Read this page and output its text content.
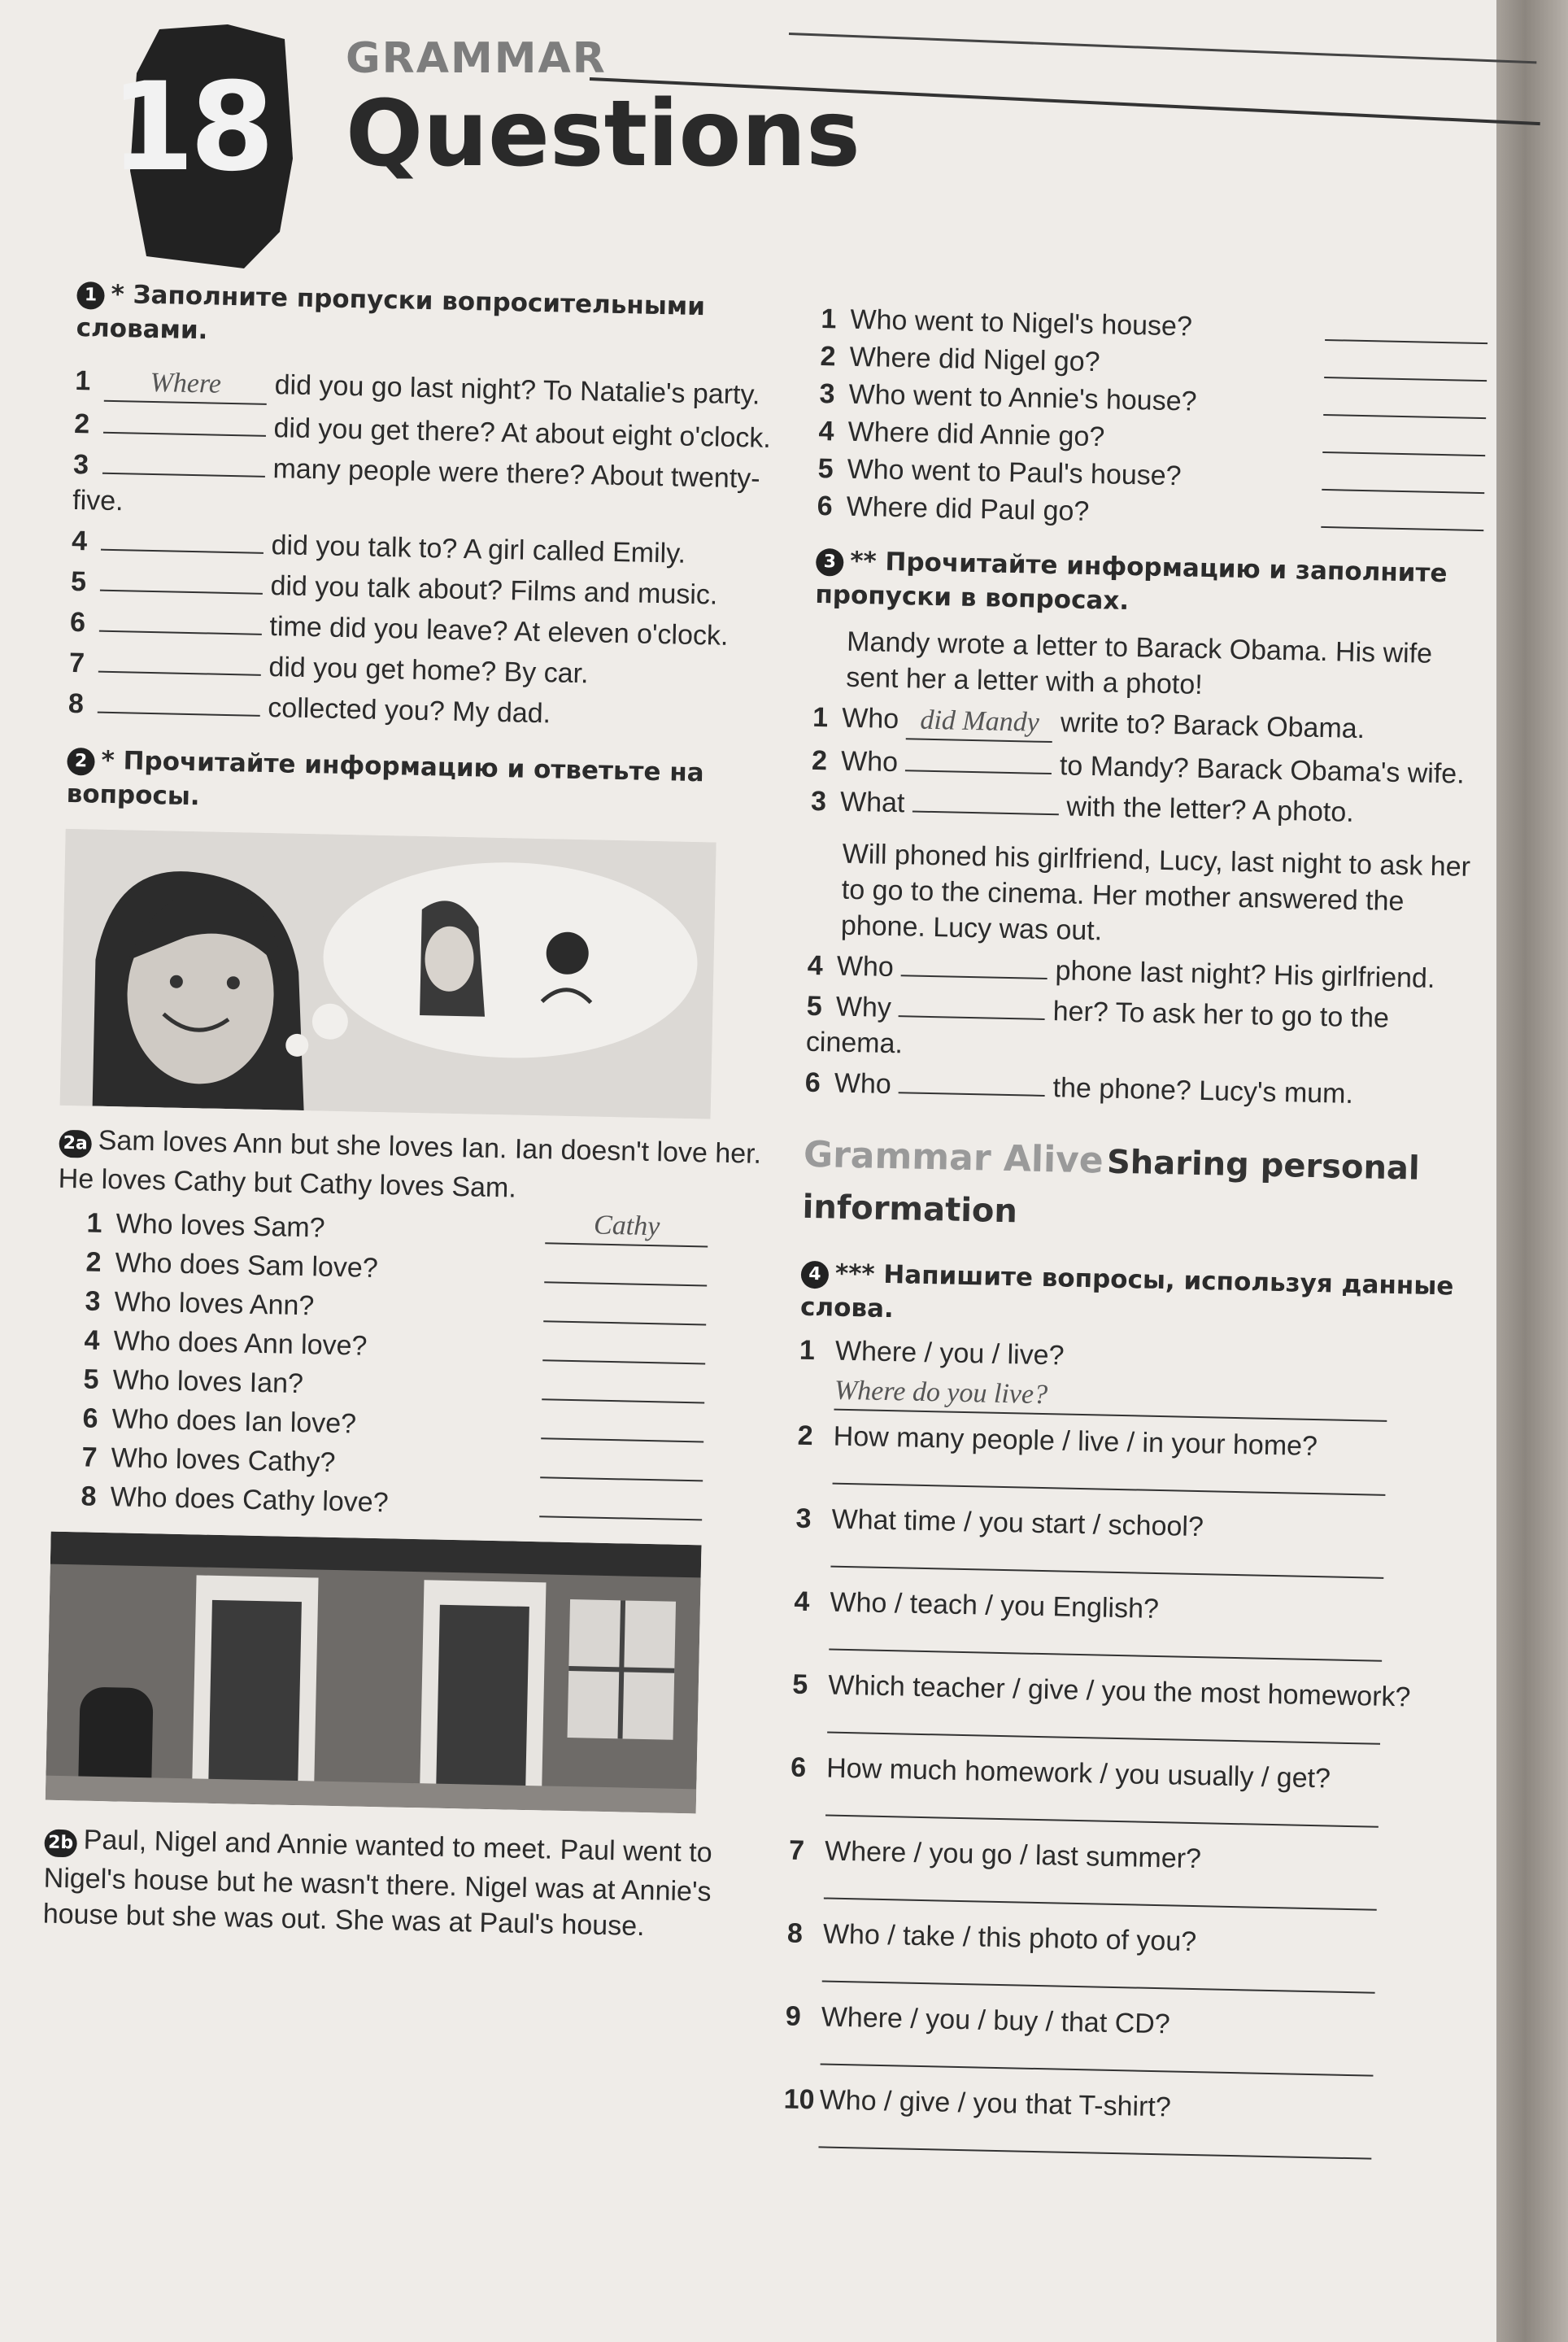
18 GRAMMAR
Questions
1 * Заполните пропуски вопросительными словами.
1 Where did you go last night? To Natalie's party.
2	did you get there? At about eight o'clock.
3	many people were there? About twenty-five.
4	did you talk to? A girl called Emily.
5	did you talk about? Films and music.
6	time did you leave? At eleven o'clock.
7	did you get home? By car.
8	collected you? My dad.
2 * Прочитайте информацию и ответьте на вопросы.
2a Sam loves Ann but she loves Ian. Ian doesn't love her. He loves Cathy but Cathy loves Sam.
1 Who loves Sam?	Cathy
2 Who does Sam love?
3 Who loves Ann?
4 Who does Ann love?
5 Who loves Ian?
6 Who does Ian love?
7 Who loves Cathy?
8 Who does Cathy love?
2b Paul, Nigel and Annie wanted to meet. Paul went to Nigel's house but he wasn't there. Nigel was at Annie's house but she was out. She was at Paul's house.
1 Who went to Nigel's house?
2 Where did Nigel go?
3 Who went to Annie's house?
4 Where did Annie go?
5 Who went to Paul's house?
6 Where did Paul go?
3 ** Прочитайте информацию и заполните пропуски в вопросах.
Mandy wrote a letter to Barack Obama. His wife sent her a letter with a photo!
1 Who did Mandy write to? Barack Obama.
2 Who	to Mandy? Barack Obama's wife.
3 What	with the letter? A photo.
Will phoned his girlfriend, Lucy, last night to ask her to go to the cinema. Her mother answered the phone. Lucy was out.
4 Who	phone last night? His girlfriend.
5 Why	her? To ask her to go to the cinema.
6 Who	the phone? Lucy's mum.
Grammar Alive Sharing personal information
4 *** Напишите вопросы, используя данные слова.
1 Where / you / live?
Where do you live?
2 How many people / live / in your home?
3 What time / you start / school?
4 Who / teach / you English?
5 Which teacher / give / you the most homework?
6 How much homework / you usually / get?
7 Where / you go / last summer?
8 Who / take / this photo of you?
9 Where / you / buy / that CD?
10 Who / give / you that T-shirt?
